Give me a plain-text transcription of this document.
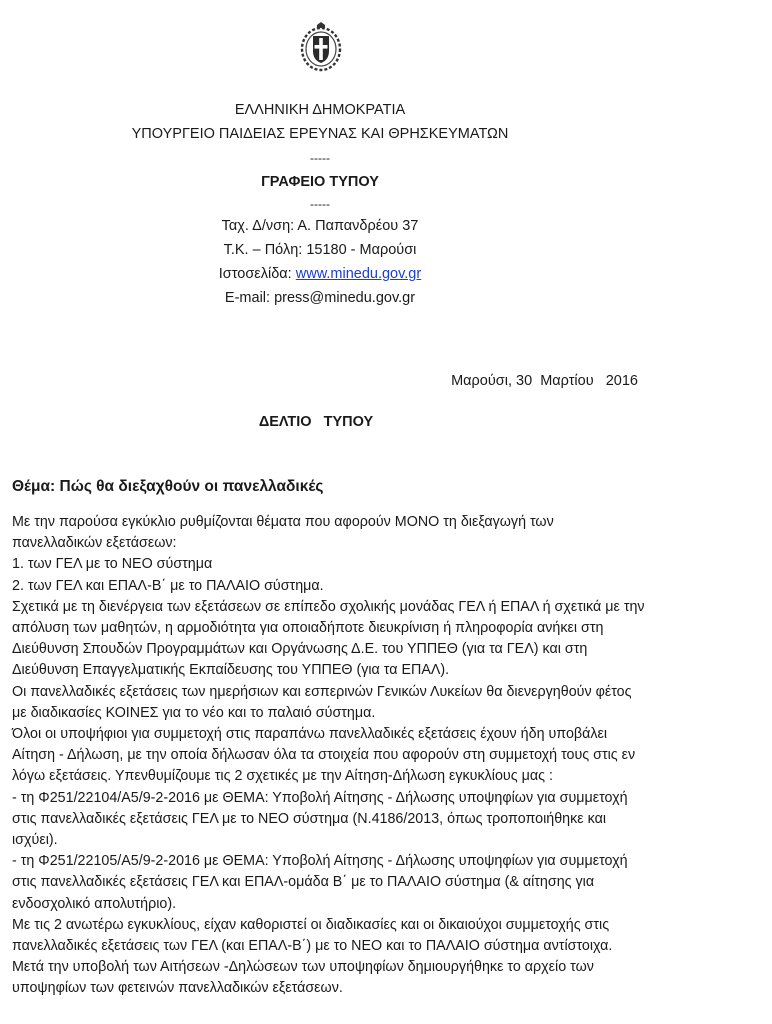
ΕΛΛΗΝΙΚΗ ΔΗΜΟΚΡΑΤΙΑ
ΥΠΟΥΡΓΕΙΟ ΠΑΙΔΕΙΑΣ ΕΡΕΥΝΑΣ ΚΑΙ ΘΡΗΣΚΕΥΜΑΤΩΝ
-----
ΓΡΑΦΕΙΟ ΤΥΠΟΥ
-----
Ταχ. Δ/νση: Α. Παπανδρέου 37
Τ.Κ. – Πόλη: 15180 - Μαρούσι
Ιστοσελίδα: www.minedu.gov.gr
E-mail: press@minedu.gov.gr
Μαρούσι, 30  Μαρτίου   2016
ΔΕΛΤΙΟ   ΤΥΠΟΥ
Θέμα: Πώς θα διεξαχθούν οι πανελλαδικές

Με την παρούσα εγκύκλιο ρυθμίζονται θέματα που αφορούν ΜΟΝΟ τη διεξαγωγή των πανελλαδικών εξετάσεων:

1. των ΓΕΛ με το ΝΕΟ σύστημα

2. των ΓΕΛ και ΕΠΑΛ-Β΄ με το ΠΑΛΑΙΟ σύστημα.

Σχετικά με τη διενέργεια των εξετάσεων σε επίπεδο σχολικής μονάδας ΓΕΛ ή ΕΠΑΛ ή σχετικά με την απόλυση των μαθητών, η αρμοδιότητα για οποιαδήποτε διευκρίνιση ή πληροφορία ανήκει στη Διεύθυνση Σπουδών Προγραμμάτων και Οργάνωσης Δ.Ε. του ΥΠΠΕΘ (για τα ΓΕΛ) και στη Διεύθυνση Επαγγελματικής Εκπαίδευσης του ΥΠΠΕΘ (για τα ΕΠΑΛ).

Οι πανελλαδικές εξετάσεις των ημερήσιων και εσπερινών Γενικών Λυκείων θα διενεργηθούν φέτος με διαδικασίες ΚΟΙΝΕΣ για το νέο και το παλαιό σύστημα.

Όλοι οι υποψήφιοι για συμμετοχή στις παραπάνω πανελλαδικές εξετάσεις έχουν ήδη υποβάλει Αίτηση - Δήλωση, με την οποία δήλωσαν όλα τα στοιχεία που αφορούν στη συμμετοχή τους στις εν λόγω εξετάσεις. Υπενθυμίζουμε τις 2 σχετικές με την Αίτηση-Δήλωση εγκυκλίους μας :

- τη Φ251/22104/Α5/9-2-2016 με ΘΕΜΑ: Υποβολή Αίτησης - Δήλωσης υποψηφίων για συμμετοχή στις πανελλαδικές εξετάσεις ΓΕΛ με το ΝΕΟ σύστημα (Ν.4186/2013, όπως τροποποιήθηκε και ισχύει).

- τη Φ251/22105/Α5/9-2-2016 με ΘΕΜΑ: Υποβολή Αίτησης - Δήλωσης υποψηφίων για συμμετοχή στις πανελλαδικές εξετάσεις ΓΕΛ και ΕΠΑΛ-ομάδα Β΄ με το ΠΑΛΑΙΟ σύστημα (& αίτησης για ενδοσχολικό απολυτήριο).

Με τις 2 ανωτέρω εγκυκλίους, είχαν καθοριστεί οι διαδικασίες και οι δικαιούχοι συμμετοχής στις πανελλαδικές εξετάσεις των ΓΕΛ (και ΕΠΑΛ-Β΄) με το ΝΕΟ και το ΠΑΛΑΙΟ σύστημα αντίστοιχα. Μετά την υποβολή των Αιτήσεων -Δηλώσεων των υποψηφίων δημιουργήθηκε το αρχείο των υποψηφίων των φετεινών πανελλαδικών εξετάσεων.
